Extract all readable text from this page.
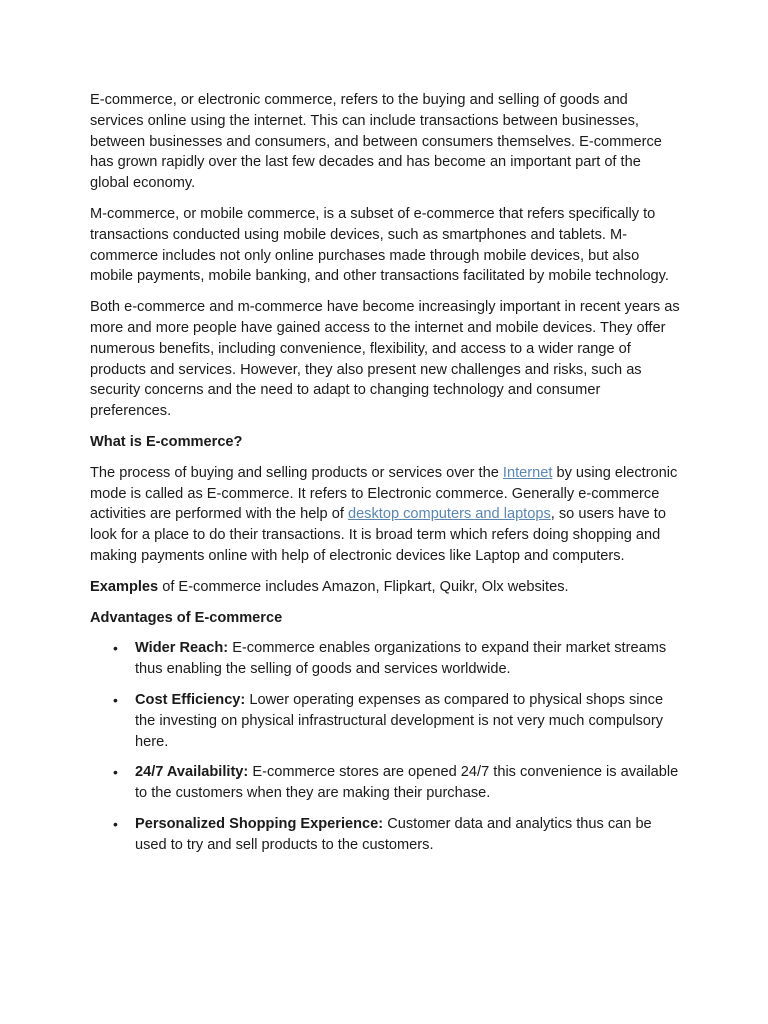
E-commerce, or electronic commerce, refers to the buying and selling of goods and services online using the internet. This can include transactions between businesses, between businesses and consumers, and between consumers themselves. E-commerce has grown rapidly over the last few decades and has become an important part of the global economy.

M-commerce, or mobile commerce, is a subset of e-commerce that refers specifically to transactions conducted using mobile devices, such as smartphones and tablets. M-commerce includes not only online purchases made through mobile devices, but also mobile payments, mobile banking, and other transactions facilitated by mobile technology.

Both e-commerce and m-commerce have become increasingly important in recent years as more and more people have gained access to the internet and mobile devices. They offer numerous benefits, including convenience, flexibility, and access to a wider range of products and services. However, they also present new challenges and risks, such as security concerns and the need to adapt to changing technology and consumer preferences.

What is E-commerce?

The process of buying and selling products or services over the Internet by using electronic mode is called as E-commerce. It refers to Electronic commerce. Generally e-commerce activities are performed with the help of desktop computers and laptops, so users have to look for a place to do their transactions. It is broad term which refers doing shopping and making payments online with help of electronic devices like Laptop and computers.

Examples of E-commerce includes Amazon, Flipkart, Quikr, Olx websites.

Advantages of E-commerce

• Wider Reach: E-commerce enables organizations to expand their market streams thus enabling the selling of goods and services worldwide.
• Cost Efficiency: Lower operating expenses as compared to physical shops since the investing on physical infrastructural development is not very much compulsory here.
• 24/7 Availability: E-commerce stores are opened 24/7 this convenience is available to the customers when they are making their purchase.
• Personalized Shopping Experience: Customer data and analytics thus can be used to try and sell products to the customers.
